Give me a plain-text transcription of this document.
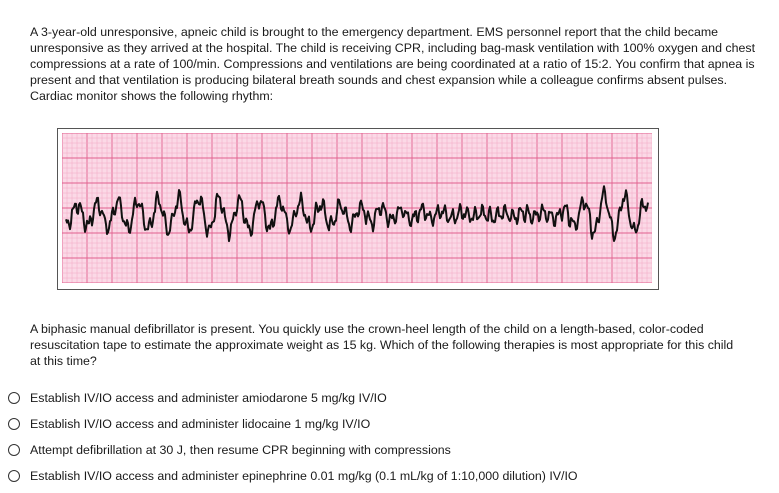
A 3-year-old unresponsive, apneic child is brought to the emergency department. EMS personnel report that the child became unresponsive as they arrived at the hospital. The child is receiving CPR, including bag-mask ventilation with 100% oxygen and chest compressions at a rate of 100/min. Compressions and ventilations are being coordinated at a ratio of 15:2. You confirm that apnea is present and that ventilation is producing bilateral breath sounds and chest expansion while a colleague confirms absent pulses. Cardiac monitor shows the following rhythm:
A biphasic manual defibrillator is present. You quickly use the crown-heel length of the child on a length-based, color-coded resuscitation tape to estimate the approximate weight as 15 kg. Which of the following therapies is most appropriate for this child at this time?
Establish IV/IO access and administer amiodarone 5 mg/kg IV/IO
Establish IV/IO access and administer lidocaine 1 mg/kg IV/IO
Attempt defibrillation at 30 J, then resume CPR beginning with compressions
Establish IV/IO access and administer epinephrine 0.01 mg/kg (0.1 mL/kg of 1:10,000 dilution) IV/IO
